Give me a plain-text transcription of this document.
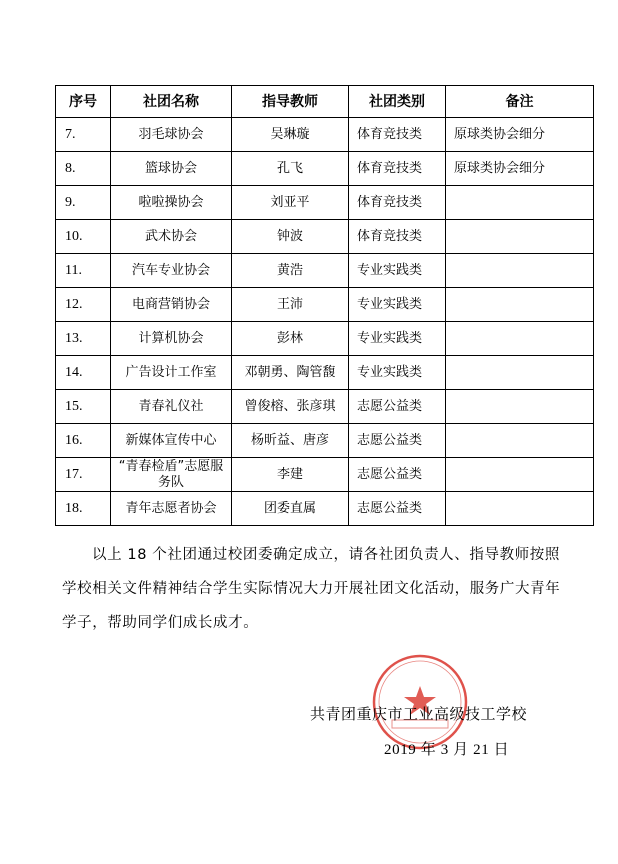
序号	社团名称	指导教师	社团类别	备注
7.	羽毛球协会	吴琳璇	体育竞技类	原球类协会细分
8.	篮球协会	孔飞	体育竞技类	原球类协会细分
9.	啦啦操协会	刘亚平	体育竞技类	
10.	武术协会	钟波	体育竞技类	
11.	汽车专业协会	黄浩	专业实践类	
12.	电商营销协会	王沛	专业实践类	
13.	计算机协会	彭林	专业实践类	
14.	广告设计工作室	邓朝勇、陶管馥	专业实践类	
15.	青春礼仪社	曾俊榕、张彦琪	志愿公益类	
16.	新媒体宣传中心	杨昕益、唐彦	志愿公益类	
17.	“青春检盾”志愿服务队	李建	志愿公益类	
18.	青年志愿者协会	团委直属	志愿公益类	
以上 18 个社团通过校团委确定成立，请各社团负责人、指导教师按照学校相关文件精神结合学生实际情况大力开展社团文化活动，服务广大青年学子，帮助同学们成长成才。
共青团重庆市工业高级技工学校
2019 年 3 月 21 日
